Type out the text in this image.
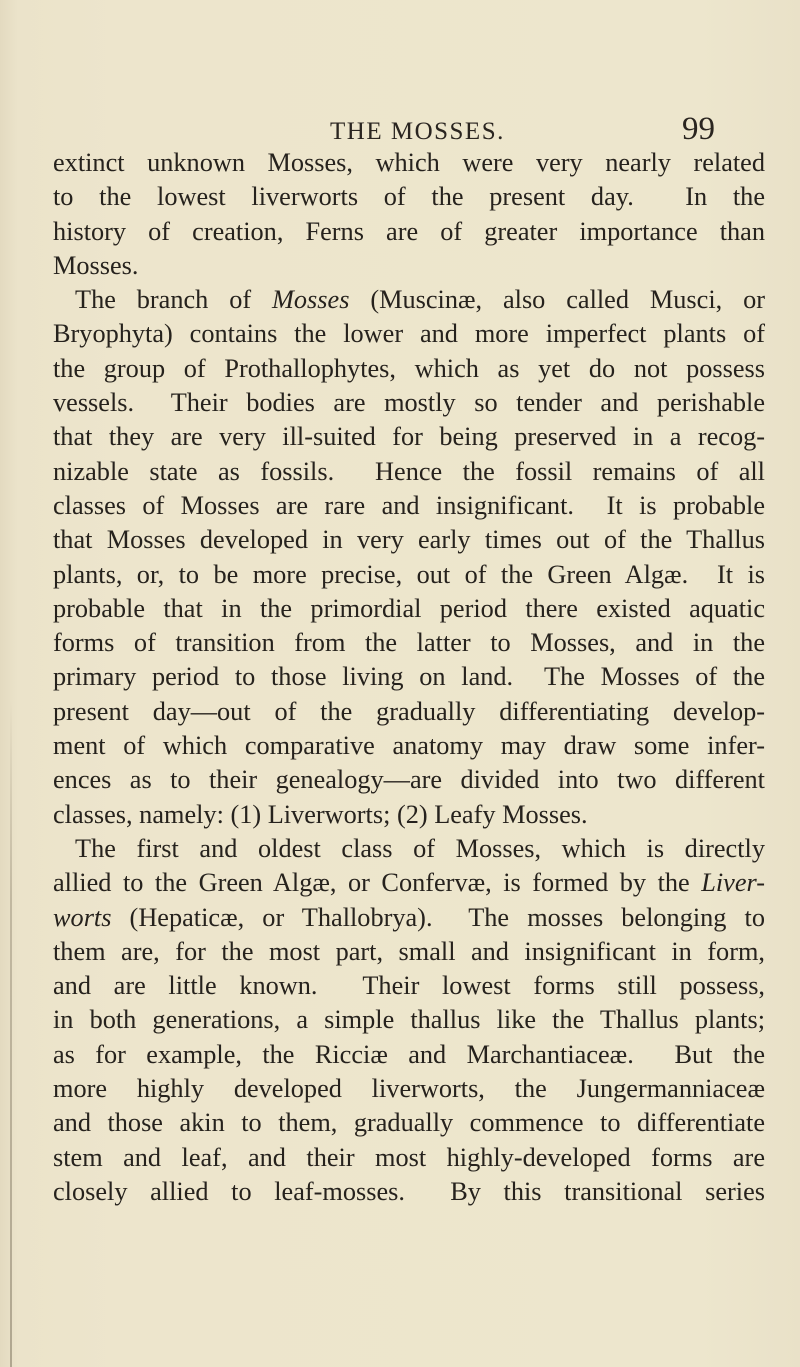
THE MOSSES.	99
extinct unknown Mosses, which were very nearly related
to the lowest liverworts of the present day.  In the
history of creation, Ferns are of greater importance than
Mosses.
The branch of Mosses (Muscinæ, also called Musci, or
Bryophyta) contains the lower and more imperfect plants of
the group of Prothallophytes, which as yet do not possess
vessels.  Their bodies are mostly so tender and perishable
that they are very ill-suited for being preserved in a recog-
nizable state as fossils.  Hence the fossil remains of all
classes of Mosses are rare and insignificant.  It is probable
that Mosses developed in very early times out of the Thallus
plants, or, to be more precise, out of the Green Algæ.  It is
probable that in the primordial period there existed aquatic
forms of transition from the latter to Mosses, and in the
primary period to those living on land.  The Mosses of the
present day—out of the gradually differentiating develop-
ment of which comparative anatomy may draw some infer-
ences as to their genealogy—are divided into two different
classes, namely: (1) Liverworts; (2) Leafy Mosses.
The first and oldest class of Mosses, which is directly
allied to the Green Algæ, or Confervæ, is formed by the Liver-
worts (Hepaticæ, or Thallobrya).  The mosses belonging to
them are, for the most part, small and insignificant in form,
and are little known.  Their lowest forms still possess,
in both generations, a simple thallus like the Thallus plants;
as for example, the Ricciæ and Marchantiaceæ.  But the
more highly developed liverworts, the Jungermanniaceæ
and those akin to them, gradually commence to differentiate
stem and leaf, and their most highly-developed forms are
closely allied to leaf-mosses.  By this transitional series
